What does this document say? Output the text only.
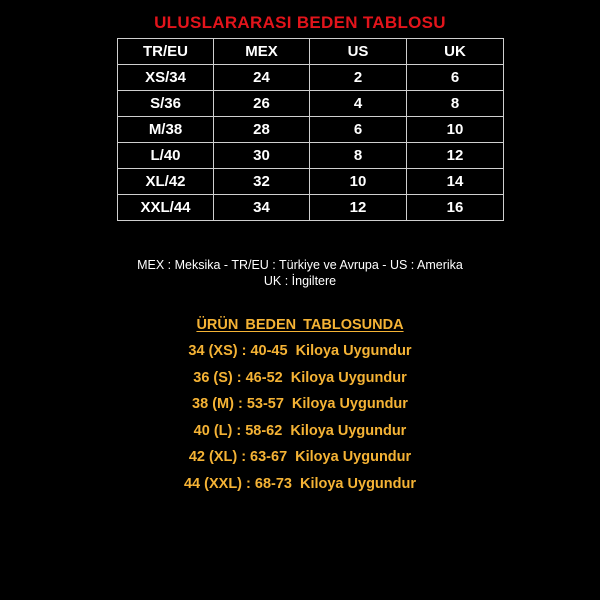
ULUSLARARASI BEDEN TABLOSU
TR/EU	MEX	US	UK
XS/34	24	2	6
S/36	26	4	8
M/38	28	6	10
L/40	30	8	12
XL/42	32	10	14
XXL/44	34	12	16
MEX : Meksika - TR/EU : Türkiye ve Avrupa - US : Amerika
UK : İngiltere
ÜRÜN BEDEN TABLOSUNDA
34 (XS) : 40-45 Kiloya Uygundur
36 (S) : 46-52 Kiloya Uygundur
38 (M) : 53-57 Kiloya Uygundur
40 (L) : 58-62 Kiloya Uygundur
42 (XL) : 63-67 Kiloya Uygundur
44 (XXL) : 68-73 Kiloya Uygundur
